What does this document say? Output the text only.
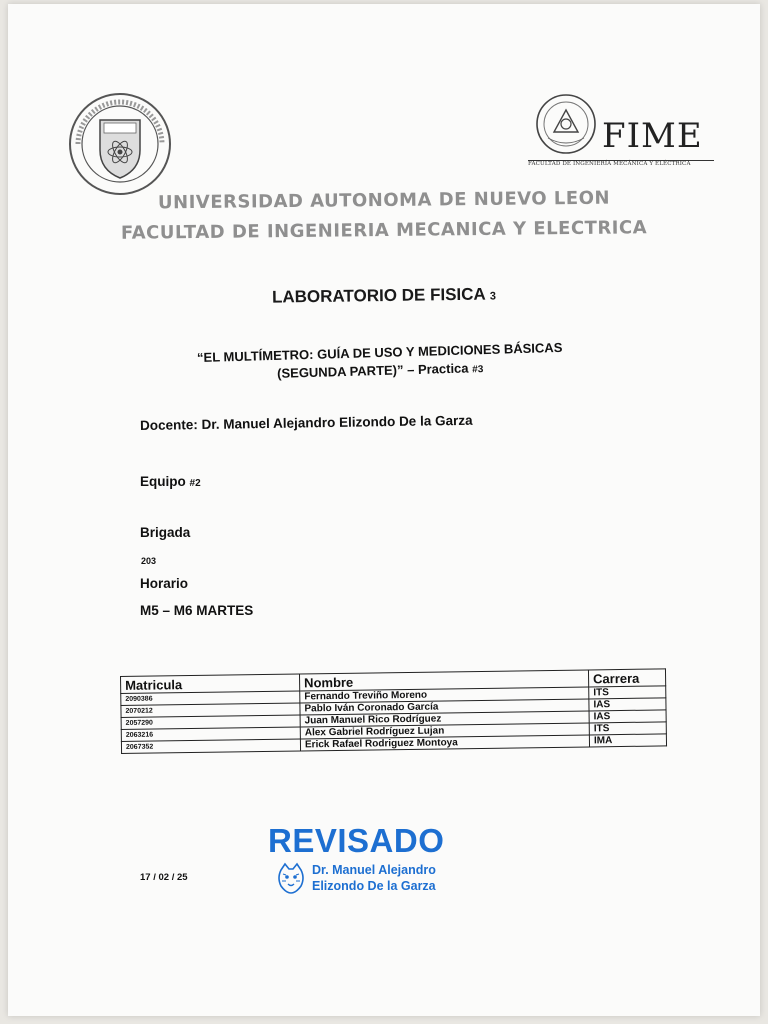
FIME
FACULTAD DE INGENIERÍA MECÁNICA Y ELÉCTRICA
UNIVERSIDAD AUTONOMA DE NUEVO LEON
FACULTAD DE INGENIERIA MECANICA Y ELECTRICA
LABORATORIO DE FISICA 3
“EL MULTÍMETRO: GUÍA DE USO Y MEDICIONES BÁSICAS
(SEGUNDA PARTE)” – Practica #3
Docente: Dr. Manuel Alejandro Elizondo De la Garza
Equipo #2
Brigada
203
Horario
M5 – M6 MARTES
Matricula	Nombre	Carrera
2090386	Fernando Treviño Moreno	ITS
2070212	Pablo Iván Coronado García	IAS
2057290	Juan Manuel Rico Rodríguez	IAS
2063216	Alex Gabriel Rodríguez Lujan	ITS
2067352	Erick Rafael Rodriguez Montoya	IMA
17 / 02 / 25
REVISADO
Dr. Manuel Alejandro
Elizondo De la Garza
